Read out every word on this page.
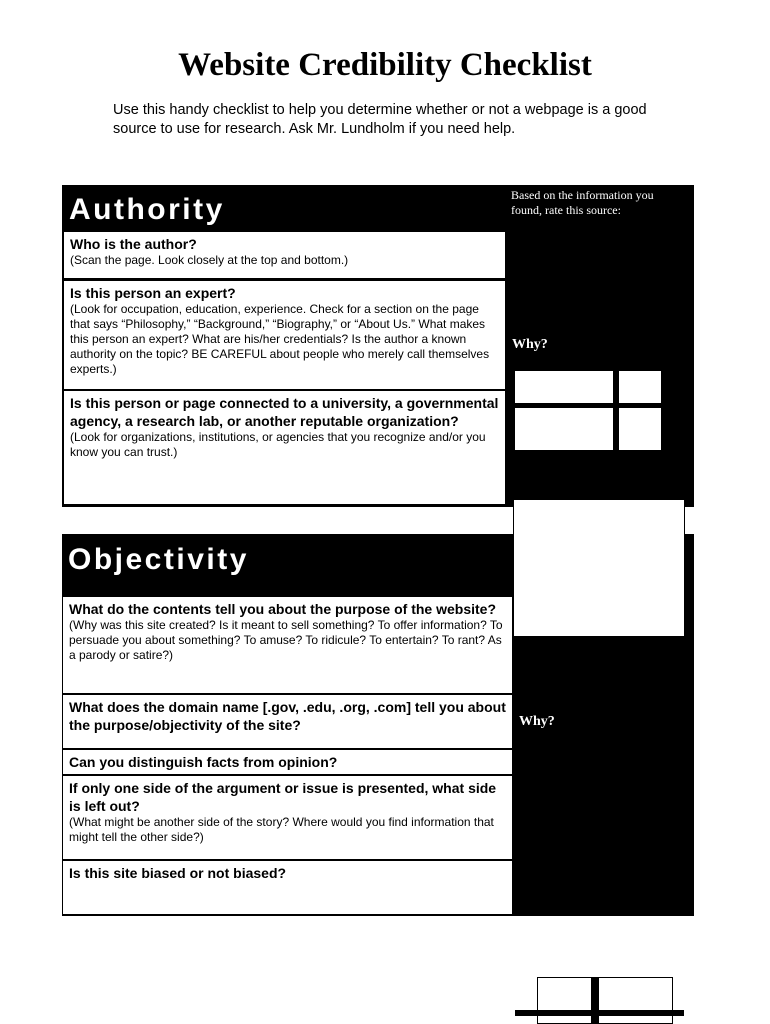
Website Credibility Checklist
Use this handy checklist to help you determine whether or not a webpage is a good source to use for research. Ask Mr. Lundholm if you need help.
Authority
Who is the author?
(Scan the page. Look closely at the top and bottom.)
Is this person an expert?
(Look for occupation, education, experience. Check for a section on the page that says “Philosophy,” “Background,” “Biography,” or “About Us.” What makes this person an expert? What are his/her credentials? Is the author a known authority on the topic? BE CAREFUL about people who merely call themselves experts.)
Is this person or page connected to a university, a governmental agency, a research lab, or another reputable organization?
(Look for organizations, institutions, or agencies that you recognize and/or you know you can trust.)
Based on the information you found, rate this source:
Why?
Objectivity
What do the contents tell you about the purpose of the website?
(Why was this site created? Is it meant to sell something? To offer information? To persuade you about something? To amuse? To ridicule? To entertain? To rant? As a parody or satire?)
What does the domain name [.gov, .edu, .org, .com] tell you about the purpose/objectivity of the site?
Can you distinguish facts from opinion?
If only one side of the argument or issue is presented, what side is left out?
(What might be another side of the story? Where would you find information that might tell the other side?)
Is this site biased or not biased?
Why?
